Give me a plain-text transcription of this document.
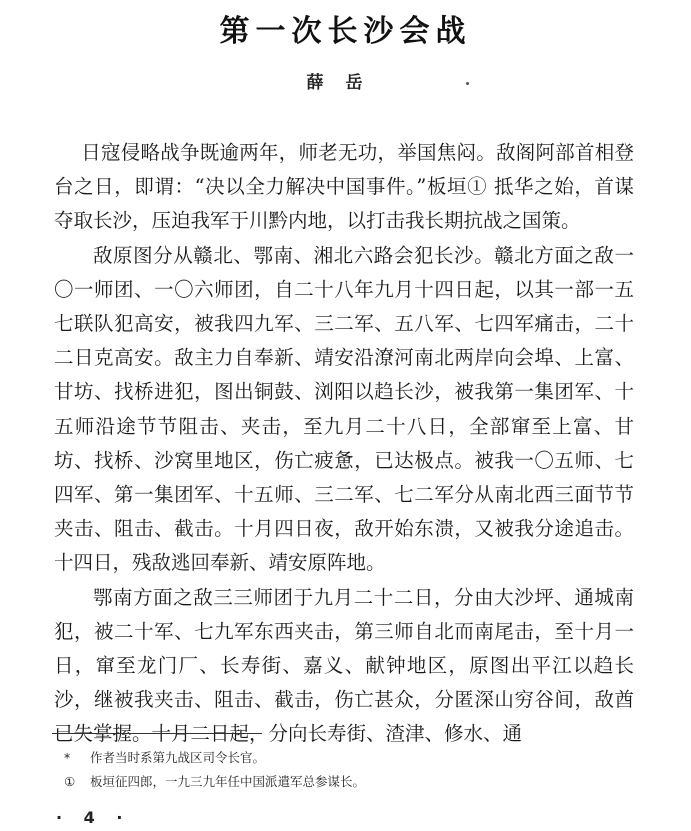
第一次长沙会战
薛岳

日寇侵略战争既逾两年，师老无功，举国焦闷。敌阁阿部首相登台之日，即谓：“决以全力解决中国事件。”板垣① 抵华之始，首谋夺取长沙，压迫我军于川黔内地，以打击我长期抗战之国策。

敌原图分从赣北、鄂南、湘北六路会犯长沙。赣北方面之敌一〇一师团、一〇六师团，自二十八年九月十四日起，以其一部一五七联队犯高安，被我四九军、三二军、五八军、七四军痛击，二十二日克高安。敌主力自奉新、靖安沿潦河南北两岸向会埠、上富、甘坊、找桥进犯，图出铜鼓、浏阳以趋长沙，被我第一集团军、十五师沿途节节阻击、夹击，至九月二十八日，全部窜至上富、甘坊、找桥、沙窝里地区，伤亡疲惫，已达极点。被我一〇五师、七四军、第一集团军、十五师、三二军、七二军分从南北西三面节节夹击、阻击、截击。十月四日夜，敌开始东溃，又被我分途追击。十四日，残敌逃回奉新、靖安原阵地。

鄂南方面之敌三三师团于九月二十二日，分由大沙坪、通城南犯，被二十军、七九军东西夹击，第三师自北而南尾击，至十月一日，窜至龙门厂、长寿街、嘉义、献钟地区，原图出平江以趋长沙，继被我夹击、阻击、截击，伤亡甚众，分匿深山穷谷间，敌酋已失掌握。十月二日起，分向长寿街、渣津、修水、通

*	作者当时系第九战区司令长官。
①	板垣征四郎，一九三九年任中国派遣军总参谋长。
· 4 ·
